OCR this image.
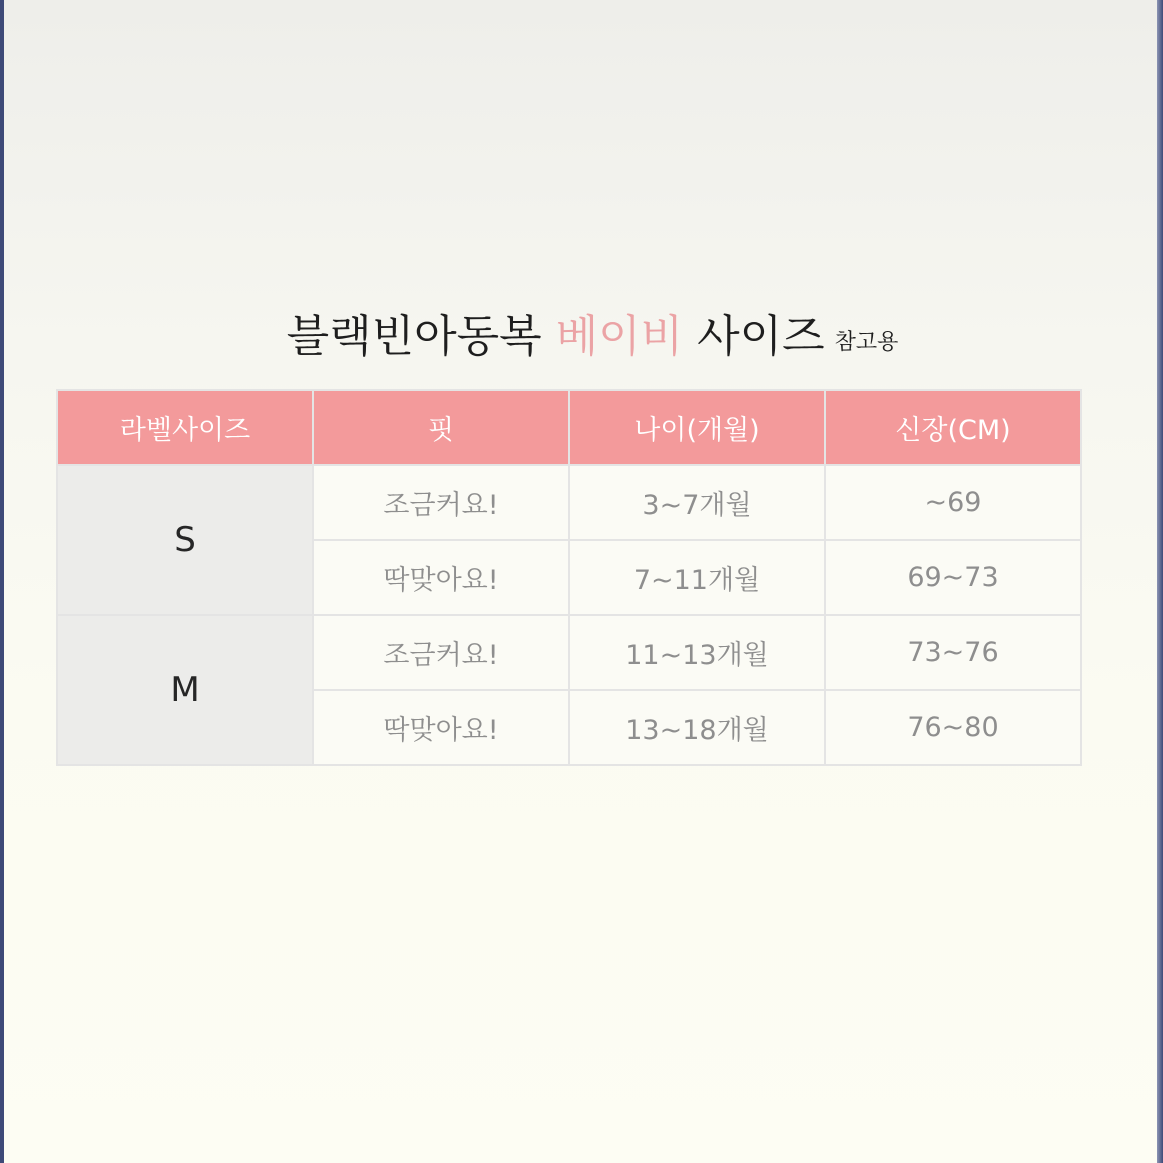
블랙빈아동복 베이비 사이즈 참고용
라벨사이즈	핏	나이(개월)	신장(CM)
S	조금커요!	3~7개월	~69
	딱맞아요!	7~11개월	69~73
M	조금커요!	11~13개월	73~76
	딱맞아요!	13~18개월	76~80
